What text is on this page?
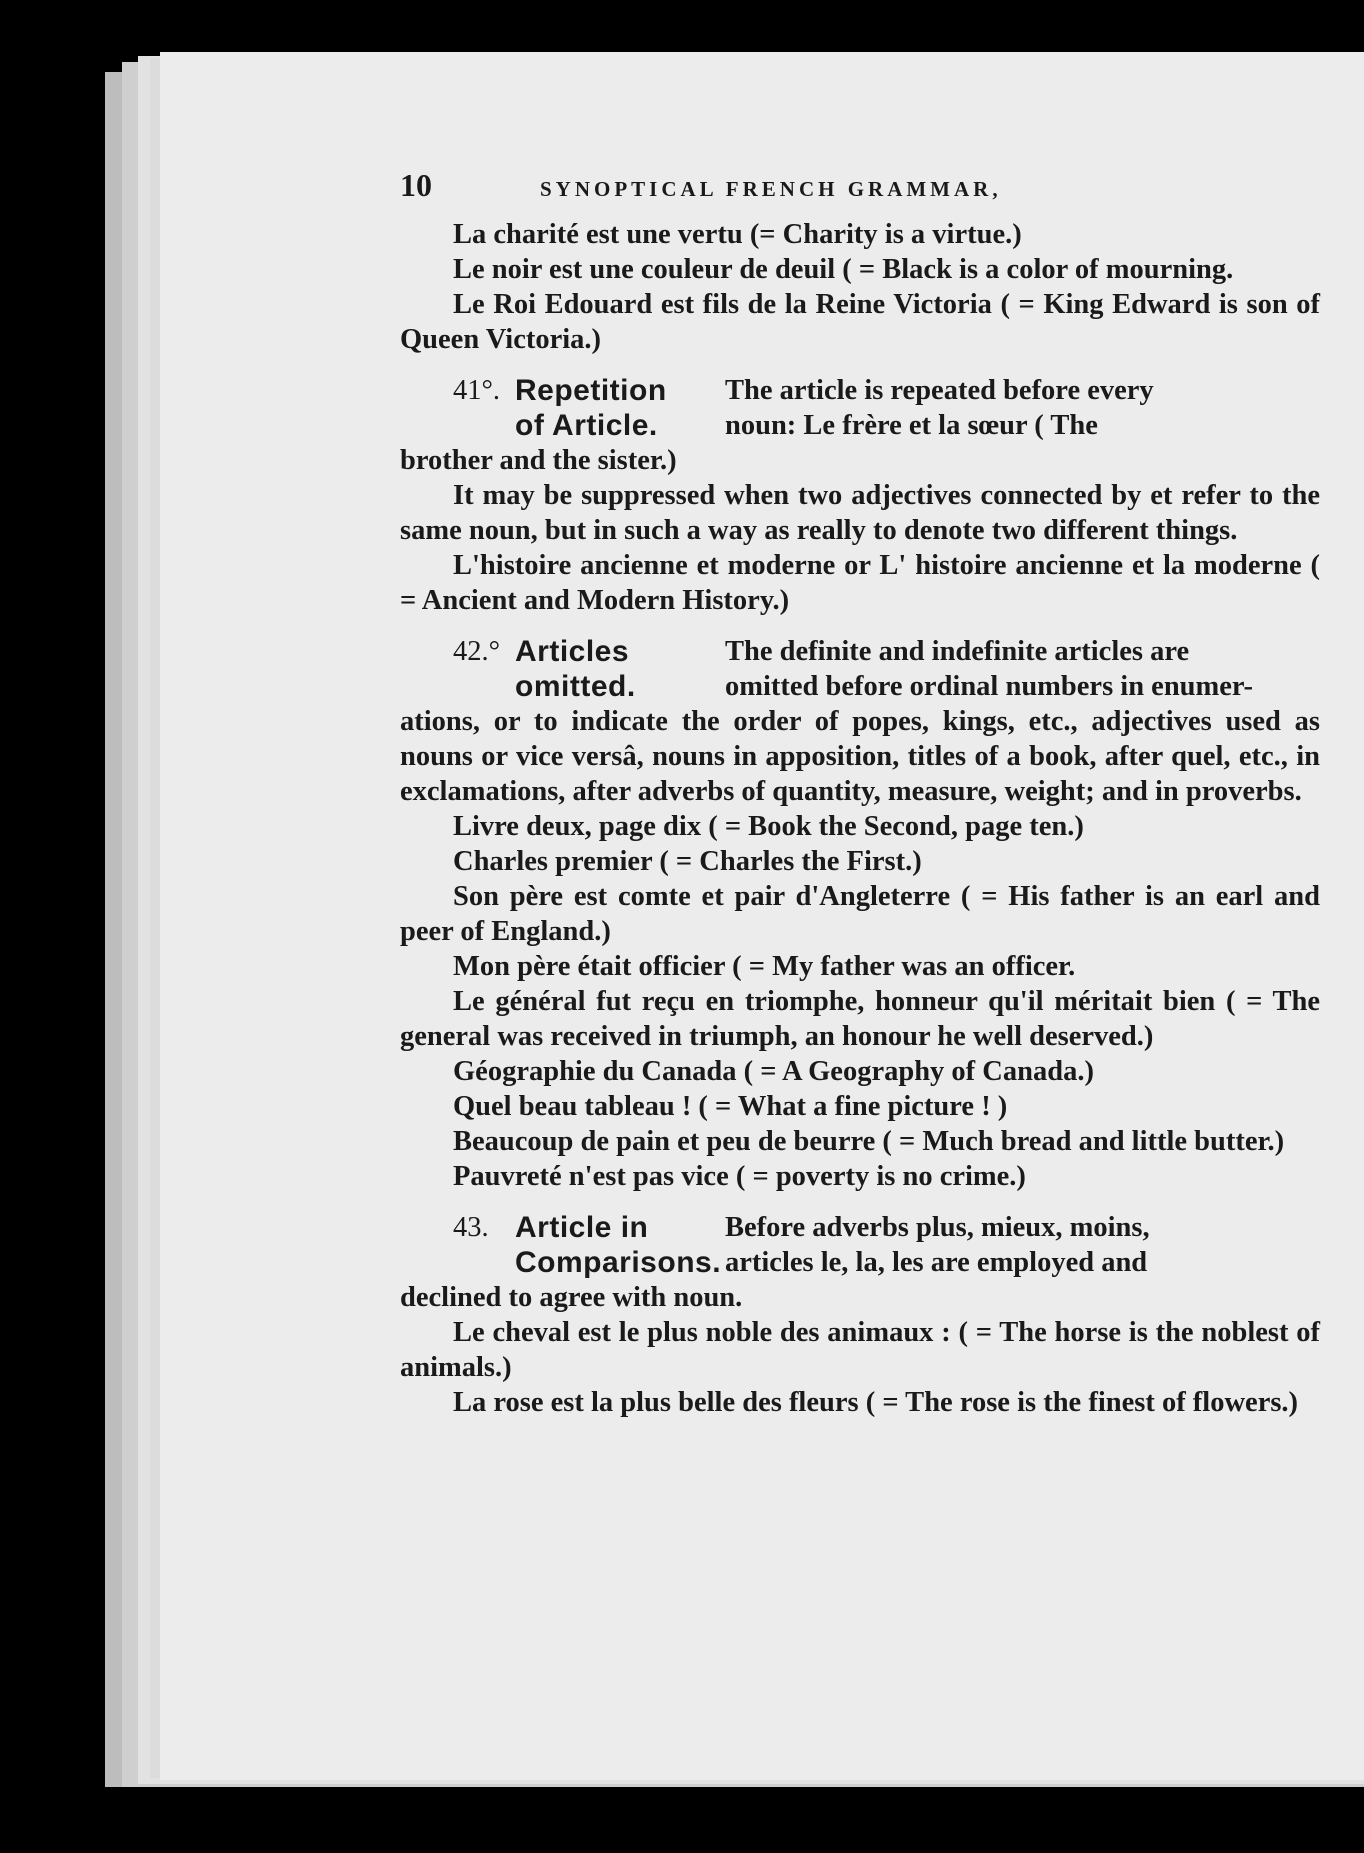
10	SYNOPTICAL FRENCH GRAMMAR,

La charité est une vertu (= Charity is a virtue.)

Le noir est une couleur de deuil ( = Black is a color of mourning.

Le Roi Edouard est fils de la Reine Victoria ( = King Edward is son of Queen Victoria.)

41°. Repetition
of Article.
The article is repeated before every
noun: Le frère et la sœur ( The

brother and the sister.)

It may be suppressed when two adjectives connected by et refer to the same noun, but in such a way as really to denote two different things.

L'histoire ancienne et moderne or L' histoire ancienne et la moderne ( = Ancient and Modern History.)

42.° Articles
omitted.
The definite and indefinite articles are
omitted before ordinal numbers in enumer-

ations, or to indicate the order of popes, kings, etc., adjectives used as nouns or vice versâ, nouns in apposition, titles of a book, after quel, etc., in exclamations, after adverbs of quantity, measure, weight; and in proverbs.

Livre deux, page dix ( = Book the Second, page ten.)

Charles premier ( = Charles the First.)

Son père est comte et pair d'Angleterre ( = His father is an earl and peer of England.)

Mon père était officier ( = My father was an officer.

Le général fut reçu en triomphe, honneur qu'il méritait bien ( = The general was received in triumph, an honour he well deserved.)

Géographie du Canada ( = A Geography of Canada.)

Quel beau tableau ! ( = What a fine picture ! )

Beaucoup de pain et peu de beurre ( = Much bread and little butter.)

Pauvreté n'est pas vice ( = poverty is no crime.)

43. Article in
Comparisons.
Before adverbs plus, mieux, moins,
articles le, la, les are employed and

declined to agree with noun.

Le cheval est le plus noble des animaux : ( = The horse is the noblest of animals.)

La rose est la plus belle des fleurs ( = The rose is the finest of flowers.)
